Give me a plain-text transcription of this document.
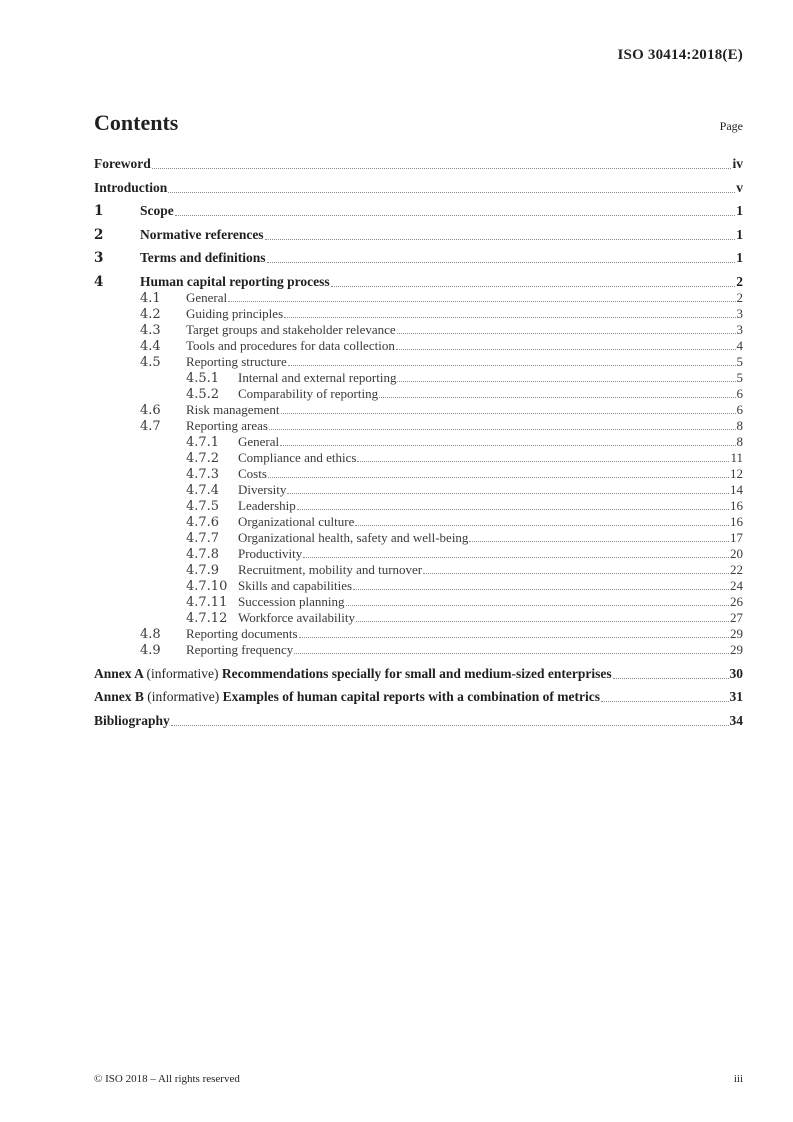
ISO 30414:2018(E)
Contents	Page
Foreword	iv
Introduction	v
1	Scope	1
2	Normative references	1
3	Terms and definitions	1
4	Human capital reporting process	2
4.1	General	2
4.2	Guiding principles	3
4.3	Target groups and stakeholder relevance	3
4.4	Tools and procedures for data collection	4
4.5	Reporting structure	5
4.5.1	Internal and external reporting	5
4.5.2	Comparability of reporting	6
4.6	Risk management	6
4.7	Reporting areas	8
4.7.1	General	8
4.7.2	Compliance and ethics	11
4.7.3	Costs	12
4.7.4	Diversity	14
4.7.5	Leadership	16
4.7.6	Organizational culture	16
4.7.7	Organizational health, safety and well-being	17
4.7.8	Productivity	20
4.7.9	Recruitment, mobility and turnover	22
4.7.10 Skills and capabilities	24
4.7.11 Succession planning	26
4.7.12 Workforce availability	27
4.8	Reporting documents	29
4.9	Reporting frequency	29
Annex A (informative) Recommendations specially for small and medium-sized enterprises	30
Annex B (informative) Examples of human capital reports with a combination of metrics	31
Bibliography	34
© ISO 2018 – All rights reserved	iii
